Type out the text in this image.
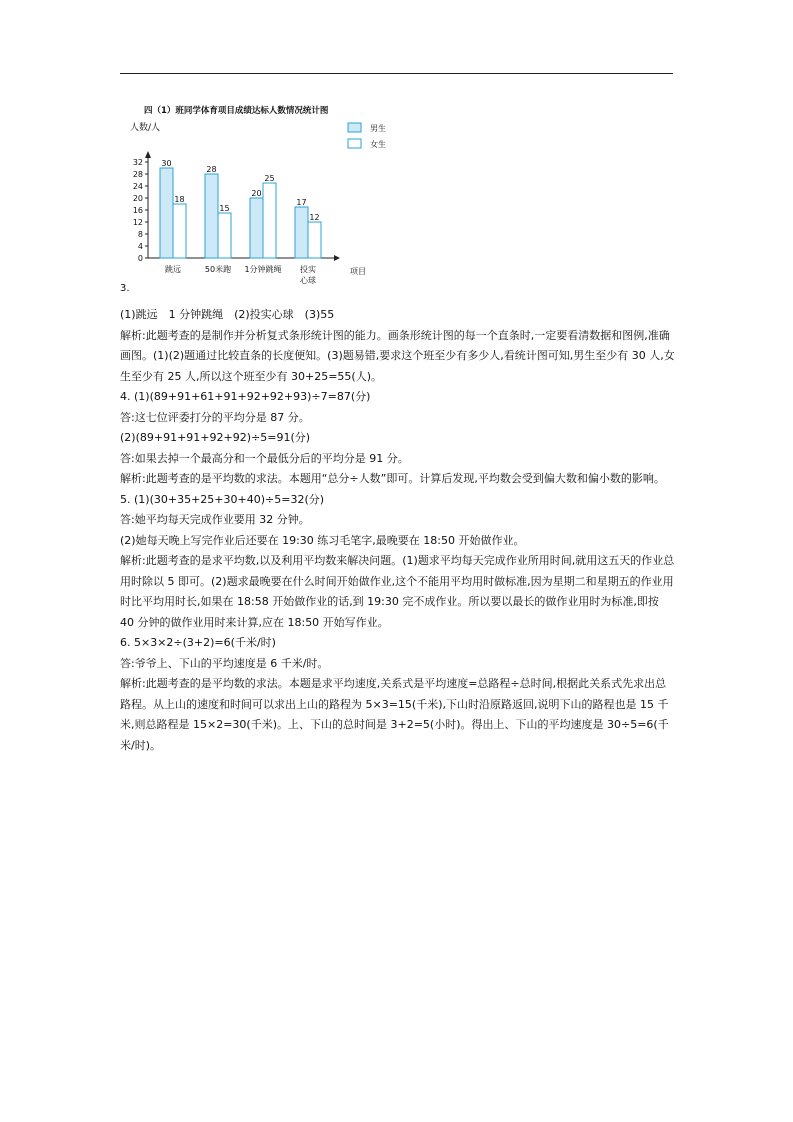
四（1）班同学体育项目成绩达标人数情况统计图
人数/人	男生
女生
0
4
8
12
16
20
24
28
32 30
18
跳远
28
15
50米跑
20
25
1分钟跳绳
17
12
投实
心球
项目
3.

(1)跳远　1 分钟跳绳　(2)投实心球　(3)55

解析:此题考查的是制作并分析复式条形统计图的能力。画条形统计图的每一个直条时,一定要看清数据和图例,准确画图。(1)(2)题通过比较直条的长度便知。(3)题易错,要求这个班至少有多少人,看统计图可知,男生至少有 30 人,女生至少有 25 人,所以这个班至少有 30+25=55(人)。

4. (1)(89+91+61+91+92+92+93)÷7=87(分)

答:这七位评委打分的平均分是 87 分。

(2)(89+91+91+92+92)÷5=91(分)

答:如果去掉一个最高分和一个最低分后的平均分是 91 分。

解析:此题考查的是平均数的求法。本题用“总分÷人数”即可。计算后发现,平均数会受到偏大数和偏小数的影响。

5. (1)(30+35+25+30+40)÷5=32(分)

答:她平均每天完成作业要用 32 分钟。

(2)她每天晚上写完作业后还要在 19:30 练习毛笔字,最晚要在 18:50 开始做作业。

解析:此题考查的是求平均数,以及利用平均数来解决问题。(1)题求平均每天完成作业所用时间,就用这五天的作业总用时除以 5 即可。(2)题求最晚要在什么时间开始做作业,这个不能用平均用时做标准,因为星期二和星期五的作业用时比平均用时长,如果在 18:58 开始做作业的话,到 19:30 完不成作业。所以要以最长的做作业用时为标准,即按 40 分钟的做作业用时来计算,应在 18:50 开始写作业。

6. 5×3×2÷(3+2)=6(千米/时)

答:爷爷上、下山的平均速度是 6 千米/时。

解析:此题考查的是平均数的求法。本题是求平均速度,关系式是平均速度=总路程÷总时间,根据此关系式先求出总路程。从上山的速度和时间可以求出上山的路程为 5×3=15(千米),下山时沿原路返回,说明下山的路程也是 15 千米,则总路程是 15×2=30(千米)。上、下山的总时间是 3+2=5(小时)。得出上、下山的平均速度是 30÷5=6(千米/时)。
